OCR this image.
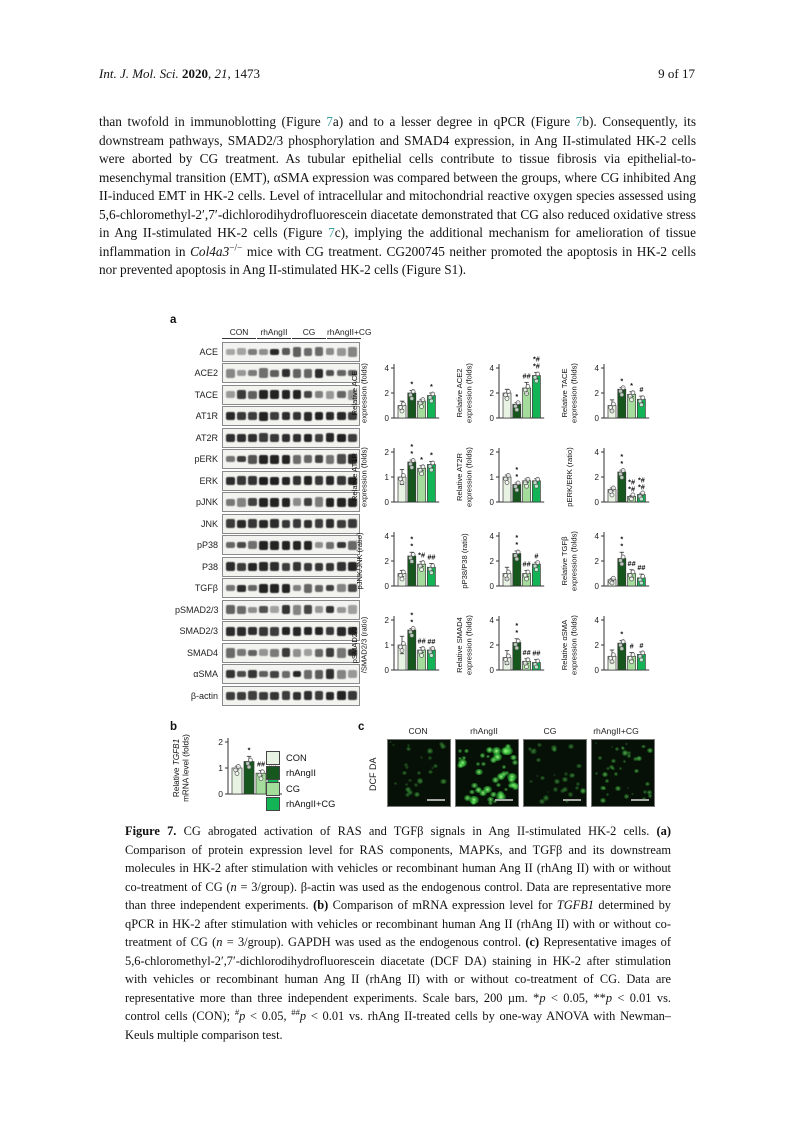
Int. J. Mol. Sci. 2020, 21, 1473	9 of 17
than twofold in immunoblotting (Figure 7a) and to a lesser degree in qPCR (Figure 7b). Consequently, its downstream pathways, SMAD2/3 phosphorylation and SMAD4 expression, in Ang II-stimulated HK-2 cells were aborted by CG treatment. As tubular epithelial cells contribute to tissue fibrosis via epithelial-to-mesenchymal transition (EMT), αSMA expression was compared between the groups, where CG inhibited Ang II-induced EMT in HK-2 cells. Level of intracellular and mitochondrial reactive oxygen species assessed using 5,6-chloromethyl-2′,7′-dichlorodihydrofluorescein diacetate demonstrated that CG also reduced oxidative stress in Ang II-stimulated HK-2 cells (Figure 7c), implying the additional mechanism for amelioration of tissue inflammation in Col4a3−/− mice with CG treatment. CG200745 neither promoted the apoptosis in HK-2 cells nor prevented apoptosis in Ang II-stimulated HK-2 cells (Figure S1).
a
CON	rhAngII	CG	rhAngII+CG
ACE
ACE2
TACE
AT1R
AT2R
pERK
ERK
pJNK
JNK
pP38
P38
TGFβ
pSMAD2/3
SMAD2/3
SMAD4
αSMA
β-actin
0
2
4
Relative ACE expression (folds)	* *
0
2
4
Relative ACE2 expression (folds)	*
##
*#
*#
0
2
4
Relative TACE expression (folds)	* * #
0
1
2
Relative AT1R expression (folds)
*
*
* *
0
1
2
Relative AT2R expression (folds)	*
*
0
2
4
pERK/ERK (ratio)	*
*
*#
*#
*#
*#
0
2
4
pJNK/JNK (ratio)	*
*
*# ##
0
2
4
pP38/P38 (ratio)	*
*
##
#
0
2
4
Relative TGFβ expression (folds)	*
*
## ##
0
1
2
pSMAD2/3 /SMAD2/3 (ratio)
*
*
## ##
0
2
4
Relative SMAD4 expression (folds)	*
*
## ##
0
2
4
Relative αSMA expression (folds)	*
# #
b
0
1
2
Relative TGFB1 mRNA level (folds)	*
##
CON
rhAngII
CG
rhAngII+CG
c
DCF DA
CON	rhAngII	CG	rhAngII+CG
Figure 7. CG abrogated activation of RAS and TGFβ signals in Ang II-stimulated HK-2 cells. (a) Comparison of protein expression level for RAS components, MAPKs, and TGFβ and its downstream molecules in HK-2 after stimulation with vehicles or recombinant human Ang II (rhAng II) with or without co-treatment of CG (n = 3/group). β-actin was used as the endogenous control. Data are representative more than three independent experiments. (b) Comparison of mRNA expression level for TGFB1 determined by qPCR in HK-2 after stimulation with vehicles or recombinant human Ang II (rhAng II) with or without co-treatment of CG (n = 3/group). GAPDH was used as the endogenous control. (c) Representative images of 5,6-chloromethyl-2′,7′-dichlorodihydrofluorescein diacetate (DCF DA) staining in HK-2 after stimulation with vehicles or recombinant human Ang II (rhAng II) with or without co-treatment of CG. Data are representative more than three independent experiments. Scale bars, 200 µm. *p < 0.05, **p < 0.01 vs. control cells (CON); #p < 0.05, ##p < 0.01 vs. rhAng II-treated cells by one-way ANOVA with Newman–Keuls multiple comparison test.
